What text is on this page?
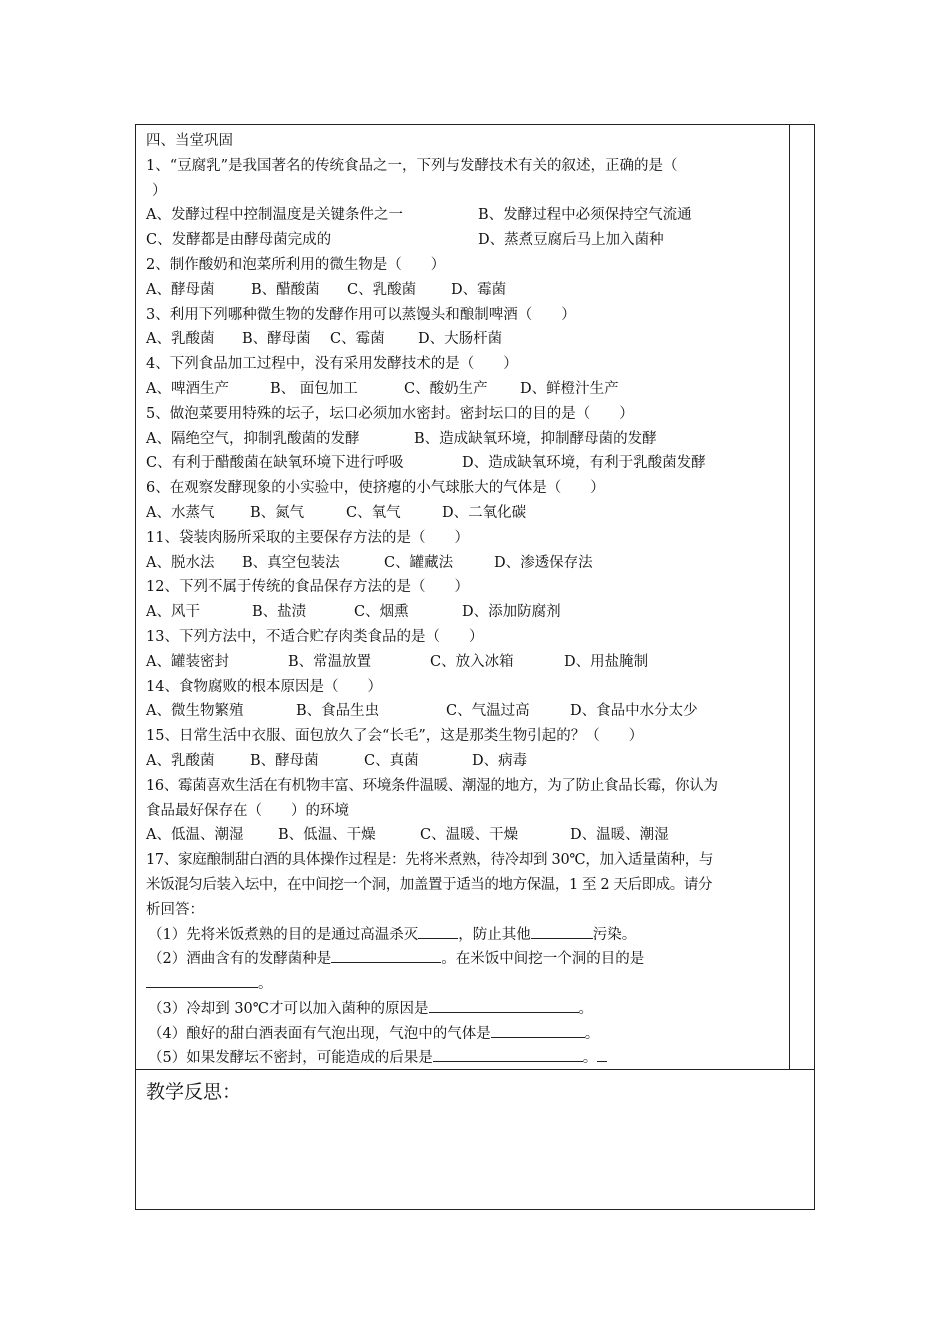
四、当堂巩固
1、“豆腐乳”是我国著名的传统食品之一，下列与发酵技术有关的叙述，正确的是（
）
A、发酵过程中控制温度是关键条件之一	B、发酵过程中必须保持空气流通
C、发酵都是由酵母菌完成的	D、蒸煮豆腐后马上加入菌种
2、制作酸奶和泡菜所利用的微生物是（　　）
A、酵母菌	B、醋酸菌 C、乳酸菌 D、霉菌
3、利用下列哪种微生物的发酵作用可以蒸馒头和酿制啤酒（　　）
A、乳酸菌 B、酵母菌 C、霉菌 D、大肠杆菌
4、下列食品加工过程中，没有采用发酵技术的是（　　）
A、啤酒生产	B、 面包加工	C、酸奶生产 D、鲜橙汁生产
5、做泡菜要用特殊的坛子，坛口必须加水密封。密封坛口的目的是（　　）
A、隔绝空气，抑制乳酸菌的发酵	B、造成缺氧环境，抑制酵母菌的发酵
C、有利于醋酸菌在缺氧环境下进行呼吸	D、造成缺氧环境，有利于乳酸菌发酵
6、在观察发酵现象的小实验中，使挤瘪的小气球胀大的气体是（　　）
A、水蒸气 B、氮气	C、氧气	D、二氧化碳
11、袋装肉肠所采取的主要保存方法的是（　　）
A、脱水法 B、真空包装法	C、罐藏法	D、渗透保存法
12、下列不属于传统的食品保存方法的是（　　）
A、风干	B、盐渍	C、烟熏	D、添加防腐剂
13、下列方法中，不适合贮存肉类食品的是（　　）
A、罐装密封	B、常温放置	C、放入冰箱	D、用盐腌制
14、食物腐败的根本原因是（　　）
A、微生物繁殖	B、食品生虫	C、气温过高	D、食品中水分太少
15、日常生活中衣服、面包放久了会“长毛”，这是那类生物引起的？（　　）
A、乳酸菌 B、酵母菌	C、真菌	D、病毒
16、霉菌喜欢生活在有机物丰富、环境条件温暖、潮湿的地方，为了防止食品长霉，你认为
食品最好保存在（　　）的环境
A、低温、潮湿 B、低温、干燥	C、温暖、干燥	D、温暖、潮湿
17、家庭酿制甜白酒的具体操作过程是：先将米煮熟，待冷却到 30℃，加入适量菌种，与
米饭混匀后装入坛中，在中间挖一个洞，加盖置于适当的地方保温，1 至 2 天后即成。请分
析回答：
（1）先将米饭煮熟的目的是通过高温杀灭	，防止其他	污染。
（2）酒曲含有的发酵菌种是	。在米饭中间挖一个洞的目的是
。
（3）冷却到 30℃才可以加入菌种的原因是	。
（4）酿好的甜白酒表面有气泡出现，气泡中的气体是	。
（5）如果发酵坛不密封，可能造成的后果是	。
教学反思：
